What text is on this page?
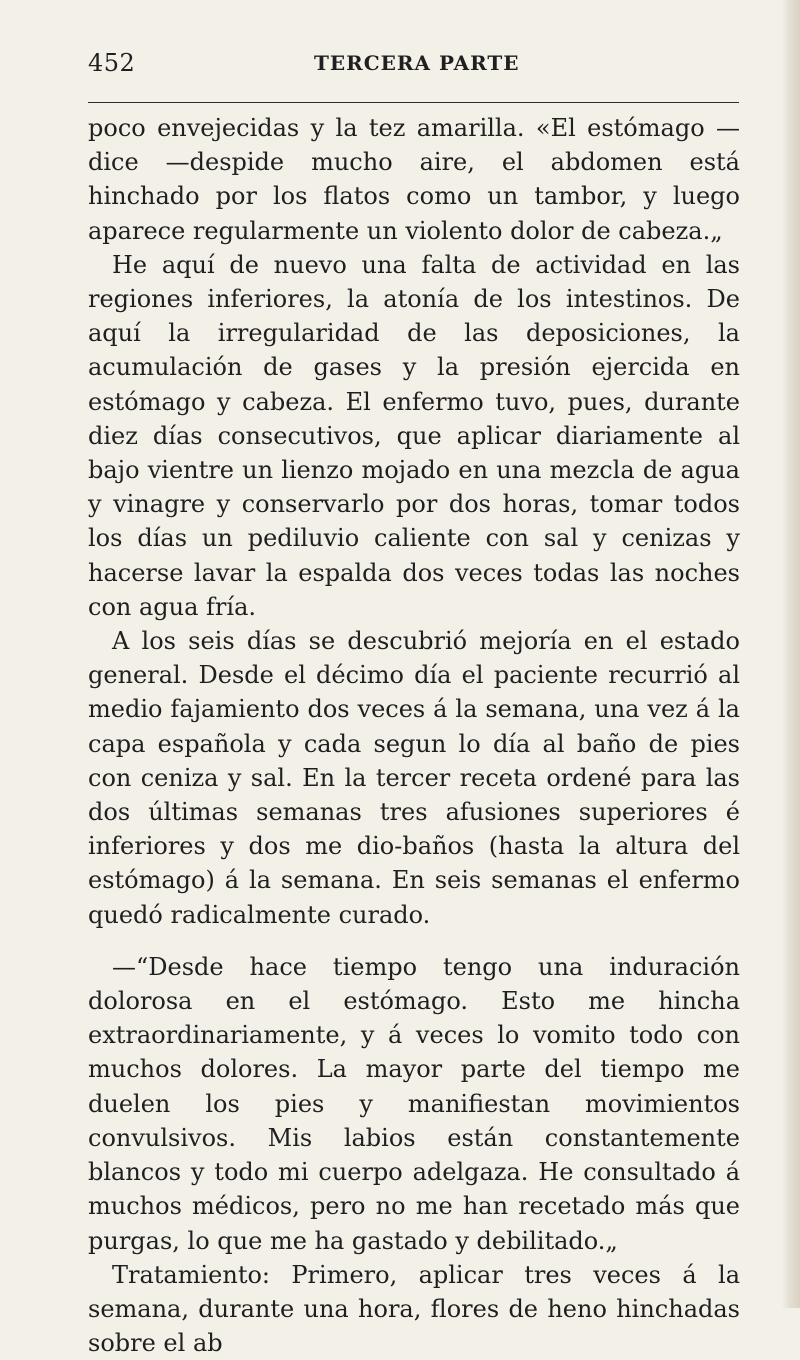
452	TERCERA PARTE

poco envejecidas y la tez amarilla. «El estómago — dice —despide mucho aire, el abdomen está hinchado por los flatos como un tambor, y luego aparece regularmente un violento dolor de cabeza.„

He aquí de nuevo una falta de actividad en las regiones inferiores, la atonía de los intestinos. De aquí la irregularidad de las deposiciones, la acumulación de gases y la presión ejercida en estómago y cabeza. El enfermo tuvo, pues, durante diez días consecutivos, que aplicar diariamente al bajo vientre un lienzo mojado en una mezcla de agua y vinagre y conservarlo por dos horas, tomar todos los días un pediluvio caliente con sal y cenizas y hacerse lavar la espalda dos veces todas las noches con agua fría.

A los seis días se descubrió mejoría en el estado general. Desde el décimo día el paciente recurrió al medio fajamiento dos veces á la semana, una vez á la capa española y cada segun lo día al baño de pies con ceniza y sal. En la tercer receta ordené para las dos últimas semanas tres afusiones superiores é inferiores y dos me dio-baños (hasta la altura del estómago) á la semana. En seis semanas el enfermo quedó radicalmente curado.

—“Desde hace tiempo tengo una induración dolorosa en el estómago. Esto me hincha extraordinariamente, y á veces lo vomito todo con muchos dolores. La mayor parte del tiempo me duelen los pies y manifiestan movimientos convulsivos. Mis labios están constantemente blancos y todo mi cuerpo adelgaza. He consultado á muchos médicos, pero no me han recetado más que purgas, lo que me ha gastado y debilitado.„

Tratamiento: Primero, aplicar tres veces á la semana, durante una hora, flores de heno hinchadas sobre el ab
